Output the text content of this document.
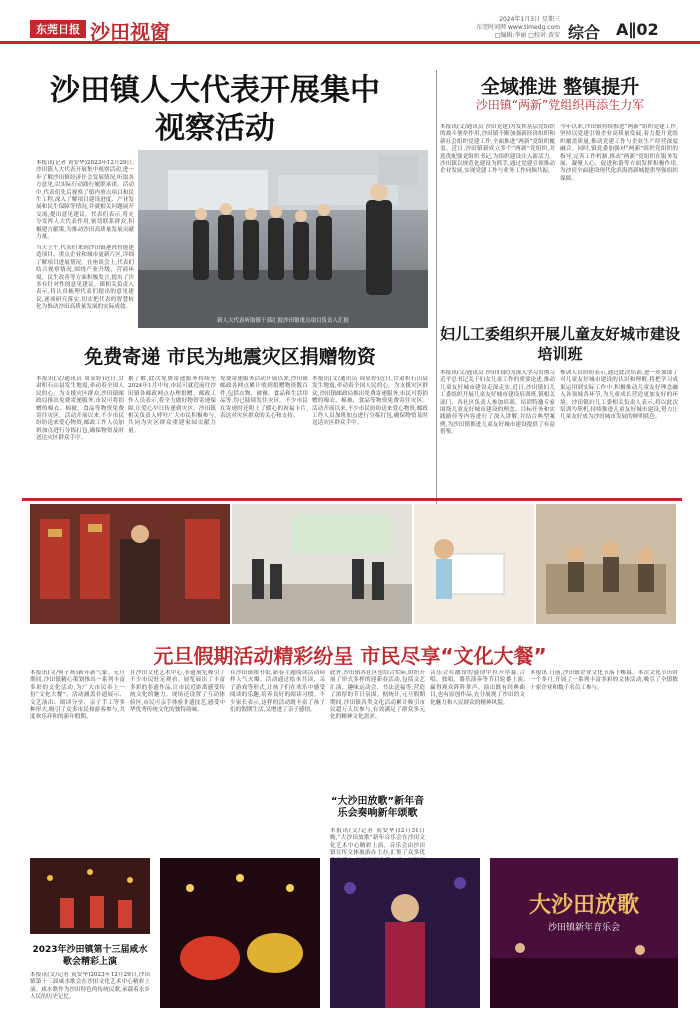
东莞日报 沙田视窗
2024年1月3日 星期三
东莞时间网 www.timedg.com
□编辑:李丽 □校对:黄安 综合 A∥02
沙田镇人大代表开展集中视察活动
本报讯(记者 黄安华)2023年12月29日,沙田镇人大代表开展集中视察活动,进一步了解沙田镇经济社会发展情况,听取各方意见,以实际行动践行履职承诺。活动中,代表们先后视察了镇内重点项目和民生工程,深入了解项目建设进度、产业发展和民生保障等情况,并就相关问题展开交流,提出意见建议。代表们表示,将充分发挥人大代表作用,密切联系群众,积极建言献策,为推动沙田高质量发展贡献力量。
当天上午,代表们来到沙田镇港湾智能建造项目、重点企业和城市更新片区,详细了解项目进展情况。在座谈会上,代表们结合视察情况,围绕产业升级、营商环境、民生改善等方面积极发言,提出了许多有针对性的意见建议。镇相关负责人表示,将认真梳理代表们提出的意见建议,逐项研究落实,切实把代表的智慧转化为推动沙田高质量发展的实际成效。
新人大代表听取镇干部汇报沙田镇重点项目负责人汇报
全域推进 整镇提升
沙田镇“两新”党组织再添生力军
本报讯(文/通讯员 沙田党建)为发挥基层党组织的战斗堡垒作用,沙田镇不断加强新经济组织和新社会组织党建工作,全面推进“两新”党组织覆盖。近日,沙田镇新成立多个“两新”党组织,并选优配强党组织书记,为组织建设注入新活力。沙田镇以规范化建设为抓手,通过党建引领推动企业发展,实现党建工作与业务工作同频共振。
今年以来,沙田镇持续推进“两新”组织党建工作,坚持以党建引领企业高质量发展,着力提升党组织覆盖质量,推动党建工作与企业生产经营深度融合。同时,镇党委加强对“两新”组织党组织的指导,完善工作机制,推动“两新”党组织在服务发展、凝聚人心、促进和谐等方面发挥积极作用,为沙田全面建设现代化滨海湾新城提供坚强组织保障。
免费寄递 市民为地震灾区捐赠物资
本报讯(文/通讯员 周显婷)近日,甘肃积石山县发生地震,牵动着全国人民的心。为支援灾区群众,沙田镇邮政局推出免费寄递服务,市民可将捐赠的棉衣、棉被、食品等物资免费寄往灾区。活动开展以来,不少市民纷纷送来爱心物资,邮政工作人员加班加点进行分拣打包,确保物资及时送达灾区群众手中。
据了解,此次免费寄递服务持续至2024年1月中旬,市民可就近前往沙田镇各邮政网点办理捐赠。邮政工作人员表示,将全力做好物资寄递保障,让爱心早日传递到灾区。沙田镇相关负责人呼吁广大市民积极参与,共同为灾区群众重建家园贡献力量。
免费寄递服务活动开展以来,沙田镇邮政各网点累计收到捐赠物资数百件,包括衣物、被褥、食品和生活用品等,均已陆续发往灾区。不少市民在寄递时还附上了暖心的祝福卡片,表达对灾区群众的关心和支持。
本报讯(文/通讯员 周显婷)近日,甘肃积石山县发生地震,牵动着全国人民的心。为支援灾区群众,沙田镇邮政局推出免费寄递服务,市民可将捐赠的棉衣、棉被、食品等物资免费寄往灾区。活动开展以来,不少市民纷纷送来爱心物资,邮政工作人员加班加点进行分拣打包,确保物资及时送达灾区群众手中。
妇儿工委组织开展儿童友好城市建设培训班
本报讯(文/通讯员 沙田妇联)为深入学习贯彻习近平总书记关于妇女儿童工作的重要论述,推动儿童友好城市建设走深走实,近日,沙田镇妇儿工委组织开展儿童友好城市建设培训班,镇相关部门、各社区负责人参加培训。培训特邀专家围绕儿童友好城市建设的理念、目标任务和实践路径等内容进行了深入讲解,并结合典型案例,为沙田镇推进儿童友好城市建设提供了有益借鉴。
参训人员纷纷表示,通过此次培训,进一步加深了对儿童友好城市建设的认识和理解,将把学习成果运用到实际工作中,积极推动儿童友好理念融入各领域各环节,为儿童成长营造更加友好的环境。沙田镇妇儿工委相关负责人表示,将以此次培训为契机,持续推进儿童友好城市建设,努力让儿童友好成为沙田城市发展的鲜明底色。
元旦假期活动精彩纷呈 市民尽享“文化大餐”
本报讯(文/何子扬)新年新气象。元旦期间,沙田镇精心策划推出一系列丰富多彩的文化活动,为广大市民奉上一份“文化大餐”。活动涵盖非遗展示、文艺演出、阅读分享、亲子手工等多种形式,吸引了众多市民和游客参与,共度欢乐祥和的新年假期。
在沙田文化艺术中心,非遗展览吸引了不少市民驻足观看。展览展出了丰富多彩的非遗作品,让市民近距离感受传统文化的魅力。现场还设置了互动体验区,市民可亲手体验非遗技艺,感受中华优秀传统文化的独特韵味。
在沙田镇图书馆,新春主题阅读活动同样人气火爆。活动通过绘本共读、亲子游戏等形式,让孩子们在欢乐中感受阅读的乐趣,培养良好的阅读习惯。不少家长表示,这样的活动既丰富了孩子们的假期生活,又增进了亲子感情。
此外,沙田镇各社区也结合实际,组织开展了形式多样的迎新春活动,包括文艺汇演、趣味运动会、书法送福等,营造了浓厚的节日氛围。据统计,元旦假期期间,沙田镇各类文化活动累计吸引市民超万人次参与,有效满足了群众多元化的精神文化需求。
“大沙田放歌”新年音乐会奏响新年颂歌
本报讯(文/记者 黄安华)12月31日晚,“大沙田放歌”新年音乐会在沙田文化艺术中心精彩上演。音乐会由沙田镇宣传文体旅游办主办,汇集了众多优
音乐会在激昂的旋律中拉开序幕,合唱、独唱、器乐演奏等节目轮番上演,赢得观众阵阵掌声。演出既有经典曲目,也有原创作品,充分展现了沙田的文化魅力和人民群众的精神风貌。
本报讯 日前,沙田镇企业文化节落下帷幕。本次文化节历时一个多月,开展了一系列丰富多彩的文体活动,吸引了全镇数十家企业和数千名员工参与。
2023年沙田镇第十三届咸水歌会精彩上演
本报讯(文/记者 黄安华)2023年12月29日,沙田镇第十三届咸水歌会在沙田文化艺术中心精彩上演。咸水歌作为沙田特色的传统民歌,承载着水乡人民的历史记忆。
大沙田放歌
沙田镇新年音乐会
